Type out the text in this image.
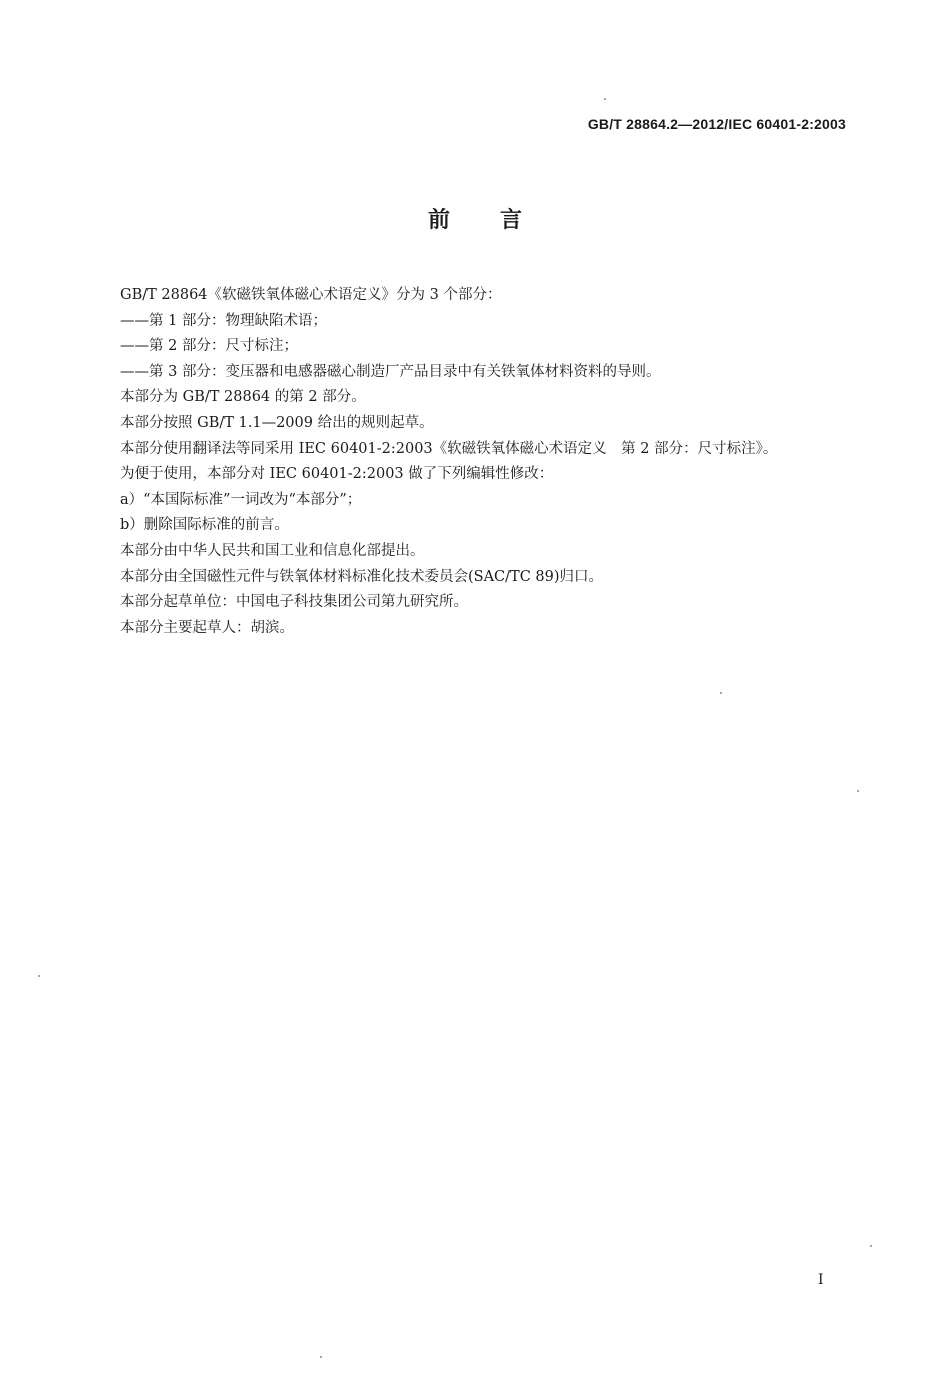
GB/T 28864.2—2012/IEC 60401-2:2003
前言
GB/T 28864《软磁铁氧体磁心术语定义》分为 3 个部分：
——第 1 部分：物理缺陷术语；
——第 2 部分：尺寸标注；
——第 3 部分：变压器和电感器磁心制造厂产品目录中有关铁氧体材料资料的导则。
本部分为 GB/T 28864 的第 2 部分。
本部分按照 GB/T 1.1—2009 给出的规则起草。
本部分使用翻译法等同采用 IEC 60401-2:2003《软磁铁氧体磁心术语定义　第 2 部分：尺寸标注》。
为便于使用，本部分对 IEC 60401-2:2003 做了下列编辑性修改：
a）“本国际标准”一词改为“本部分”；
b）删除国际标准的前言。
本部分由中华人民共和国工业和信息化部提出。
本部分由全国磁性元件与铁氧体材料标准化技术委员会(SAC/TC 89)归口。
本部分起草单位：中国电子科技集团公司第九研究所。
本部分主要起草人：胡滨。
I
